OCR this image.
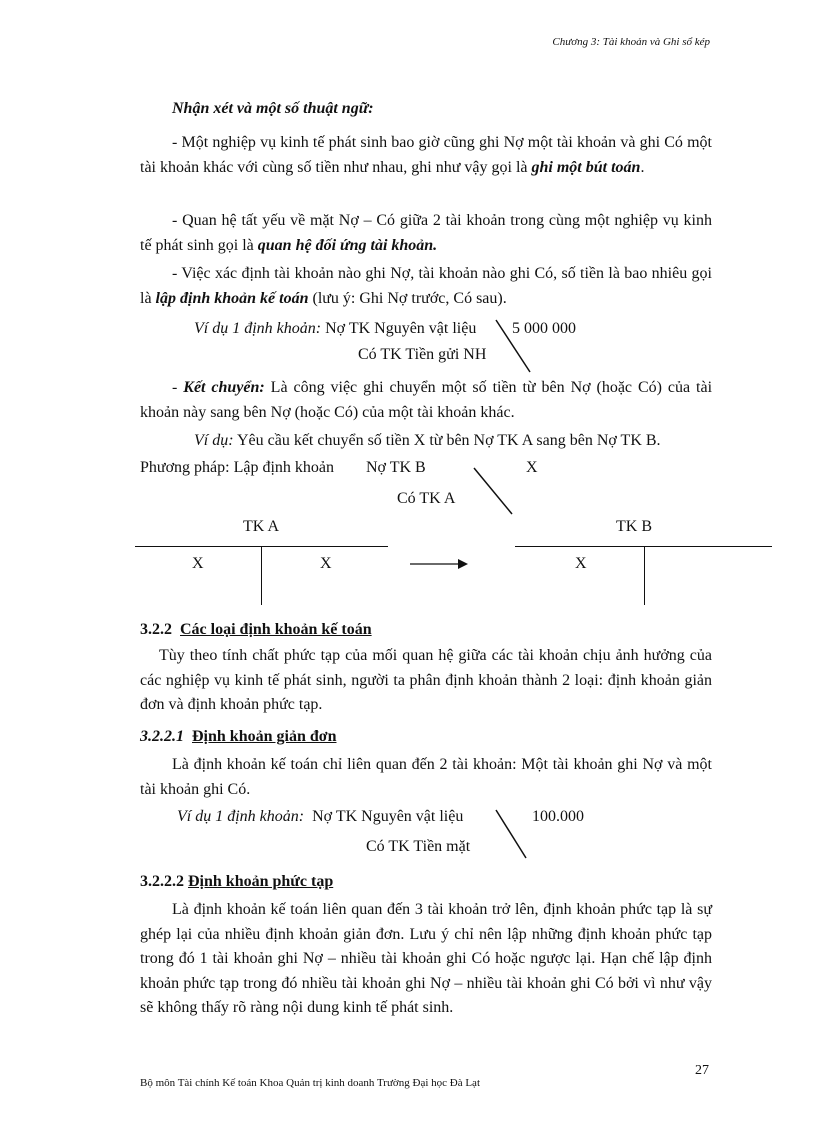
Chương 3: Tài khoản và Ghi sổ kép
Nhận xét và một số thuật ngữ:
- Một nghiệp vụ kinh tế phát sinh bao giờ cũng ghi Nợ một tài khoản và ghi Có một tài khoản khác với cùng số tiền như nhau, ghi như vậy gọi là ghi một bút toán.
- Quan hệ tất yếu về mặt Nợ – Có giữa 2 tài khoản trong cùng một nghiệp vụ kinh tế phát sinh gọi là quan hệ đối ứng tài khoản.
- Việc xác định tài khoản nào ghi Nợ, tài khoản nào ghi Có, số tiền là bao nhiêu gọi là lập định khoản kế toán (lưu ý: Ghi Nợ trước, Có sau).
Ví dụ 1 định khoản: Nợ TK Nguyên vật liệu 5 000 000
Có TK Tiền gửi NH
- Kết chuyển: Là công việc ghi chuyển một số tiền từ bên Nợ (hoặc Có) của tài khoản này sang bên Nợ (hoặc Có) của một tài khoản khác.
Ví dụ: Yêu cầu kết chuyển số tiền X từ bên Nợ TK A sang bên Nợ TK B.
Phương pháp: Lập định khoản Nợ TK B	X
Có TK A
TK A
X	X
TK B
X
3.2.2 Các loại định khoản kế toán
Tùy theo tính chất phức tạp của mối quan hệ giữa các tài khoản chịu ảnh hưởng của các nghiệp vụ kinh tế phát sinh, người ta phân định khoản thành 2 loại: định khoản giản đơn và định khoản phức tạp.
3.2.2.1 Định khoản giản đơn
Là định khoản kế toán chỉ liên quan đến 2 tài khoản: Một tài khoản ghi Nợ và một tài khoản ghi Có.
Ví dụ 1 định khoản: Nợ TK Nguyên vật liệu	100.000
Có TK Tiền mặt
3.2.2.2 Định khoản phức tạp
Là định khoản kế toán liên quan đến 3 tài khoản trở lên, định khoản phức tạp là sự ghép lại của nhiều định khoản giản đơn. Lưu ý chỉ nên lập những định khoản phức tạp trong đó 1 tài khoản ghi Nợ – nhiều tài khoản ghi Có hoặc ngược lại. Hạn chế lập định khoản phức tạp trong đó nhiều tài khoản ghi Nợ – nhiều tài khoản ghi Có bởi vì như vậy sẽ không thấy rõ ràng nội dung kinh tế phát sinh.
27
Bộ môn Tài chính Kế toán Khoa Quản trị kinh doanh Trường Đại học Đà Lạt
